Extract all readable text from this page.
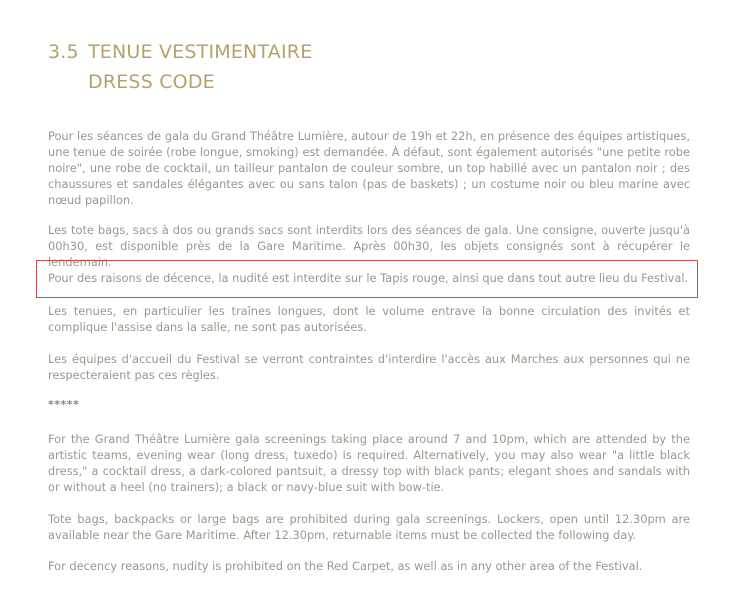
3.5 TENUE VESTIMENTAIRE
DRESS CODE

Pour les séances de gala du Grand Théâtre Lumière, autour de 19h et 22h, en présence des équipes artistiques, une tenue de soirée (robe longue, smoking) est demandée. À défaut, sont également autorisés "une petite robe noire", une robe de cocktail, un tailleur pantalon de couleur sombre, un top habillé avec un pantalon noir ; des chaussures et sandales élégantes avec ou sans talon (pas de baskets) ; un costume noir ou bleu marine avec nœud papillon.

Les tote bags, sacs à dos ou grands sacs sont interdits lors des séances de gala. Une consigne, ouverte jusqu'à 00h30, est disponible près de la Gare Maritime. Après 00h30, les objets consignés sont à récupérer le lendemain.

Pour des raisons de décence, la nudité est interdite sur le Tapis rouge, ainsi que dans tout autre lieu du Festival.

Les tenues, en particulier les traînes longues, dont le volume entrave la bonne circulation des invités et complique l'assise dans la salle, ne sont pas autorisées.

Les équipes d'accueil du Festival se verront contraintes d'interdire l'accès aux Marches aux personnes qui ne respecteraient pas ces règles.

*****

For the Grand Théâtre Lumière gala screenings taking place around 7 and 10pm, which are attended by the artistic teams, evening wear (long dress, tuxedo) is required. Alternatively, you may also wear "a little black dress," a cocktail dress, a dark-colored pantsuit, a dressy top with black pants; elegant shoes and sandals with or without a heel (no trainers); a black or navy-blue suit with bow-tie.

Tote bags, backpacks or large bags are prohibited during gala screenings. Lockers, open until 12.30pm are available near the Gare Maritime. After 12.30pm, returnable items must be collected the following day.

For decency reasons, nudity is prohibited on the Red Carpet, as well as in any other area of the Festival.
